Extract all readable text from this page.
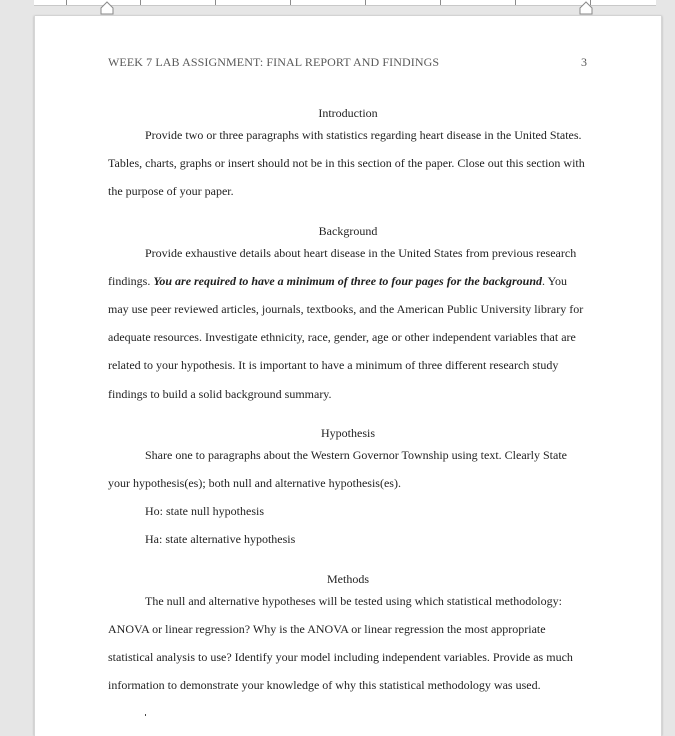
WEEK 7 LAB ASSIGNMENT: FINAL REPORT AND FINDINGS	3

Introduction

Provide two or three paragraphs with statistics regarding heart disease in the United States. Tables, charts, graphs or insert should not be in this section of the paper. Close out this section with the purpose of your paper.

Background

Provide exhaustive details about heart disease in the United States from previous research findings. You are required to have a minimum of three to four pages for the background. You may use peer reviewed articles, journals, textbooks, and the American Public University library for adequate resources. Investigate ethnicity, race, gender, age or other independent variables that are related to your hypothesis. It is important to have a minimum of three different research study findings to build a solid background summary.

Hypothesis

Share one to paragraphs about the Western Governor Township using text. Clearly State your hypothesis(es); both null and alternative hypothesis(es).

Ho: state null hypothesis

Ha: state alternative hypothesis

Methods

The null and alternative hypotheses will be tested using which statistical methodology: ANOVA or linear regression? Why is the ANOVA or linear regression the most appropriate statistical analysis to use? Identify your model including independent variables. Provide as much information to demonstrate your knowledge of why this statistical methodology was used.
